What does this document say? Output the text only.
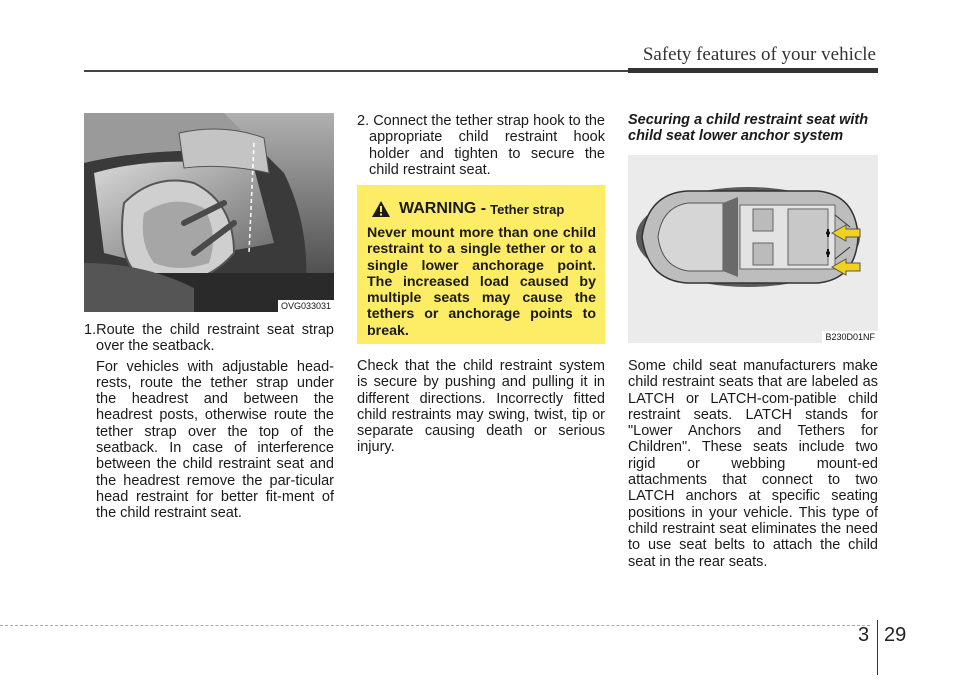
Safety features of your vehicle
OVG033031
1.Route the child restraint seat strap over the seatback.
For vehicles with adjustable head-rests, route the tether strap under the headrest and between the headrest posts, otherwise route the tether strap over the top of the seatback. In case of interference between the child restraint seat and the headrest remove the par-ticular head restraint for better fit-ment of the child restraint seat.
2. Connect the tether strap hook to the appropriate child restraint hook holder and tighten to secure the child restraint seat.
WARNING - Tether strap
Never mount more than one child restraint to a single tether or to a single lower anchorage point. The increased load caused by multiple seats may cause the tethers or anchorage points to break.
Check that the child restraint system is secure by pushing and pulling it in different directions. Incorrectly fitted child restraints may swing, twist, tip or separate causing death or serious injury.
Securing a child restraint seat with child seat lower anchor system
B230D01NF
Some child seat manufacturers make child restraint seats that are labeled as LATCH or LATCH-com-patible child restraint seats. LATCH stands for "Lower Anchors and Tethers for Children". These seats include two rigid or webbing mount-ed attachments that connect to two LATCH anchors at specific seating positions in your vehicle. This type of child restraint seat eliminates the need to use seat belts to attach the child seat in the rear seats.
3 29
